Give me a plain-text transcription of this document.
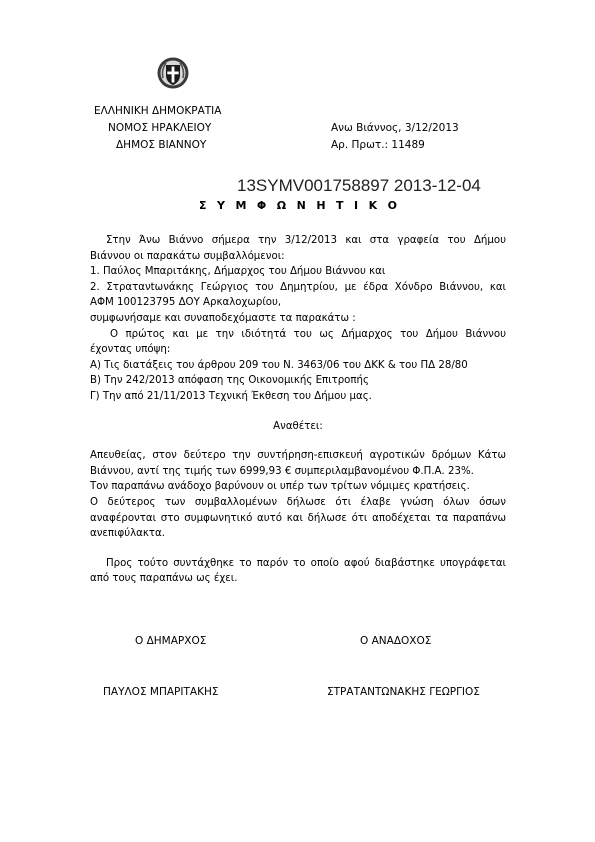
ΕΛΛΗΝΙΚΗ ΔΗΜΟΚΡΑΤΙΑ
ΝΟΜΟΣ ΗΡΑΚΛΕΙΟΥ
ΔΗΜΟΣ ΒΙΑΝΝΟΥ
Ανω Βιάννος, 3/12/2013
Αρ. Πρωτ.: 11489
13SYMV001758897 2013-12-04
ΣΥΜΦΩΝΗΤΙΚΟ
Στην Άνω Βιάννο σήμερα την 3/12/2013 και στα γραφεία του Δήμου
Βιάννου οι παρακάτω συμβαλλόμενοι:
1. Παύλος Μπαριτάκης, Δήμαρχος του Δήμου Βιάννου και
2. Στρατανtωνάκης Γεώργιος του Δημητρίου, με έδρα Χόνδρο Βιάννου, και
ΑΦΜ 100123795 ΔΟΥ Αρκαλοχωρίου,
συμφωνήσαμε και συναποδεχόμαστε τα παρακάτω :
Ο πρώτος και με την ιδιότητά του ως Δήμαρχος του Δήμου Βιάννου
έχοντας υπόψη:
Α) Τις διατάξεις του άρθρου 209 του Ν. 3463/06 του ΔΚΚ & του ΠΔ 28/80
Β) Την 242/2013 απόφαση της Οικονομικής Επιτροπής
Γ) Την από 21/11/2013 Τεχνική Έκθεση του Δήμου μας.
Αναθέτει:
Απευθείας, στον δεύτερο την συντήρηση-επισκευή αγροτικών δρόμων Κάτω
Βιάννου, αντί της τιμής των 6999,93 € συμπεριλαμβανομένου Φ.Π.Α. 23%.
Τον παραπάνω ανάδοχο βαρύνουν οι υπέρ των τρίτων νόμιμες κρατήσεις.
Ο δεύτερος των συμβαλλομένων δήλωσε ότι έλαβε γνώση όλων όσων
αναφέρονται στο συμφωνητικό αυτό και δήλωσε ότι αποδέχεται τα παραπάνω
ανεπιφύλακτα.
Προς τούτο συντάχθηκε το παρόν το οποίο αφού διαβάστηκε υπογράφεται
από τους παραπάνω ως έχει.
Ο ΔΗΜΑΡΧΟΣ	Ο ΑΝΑΔΟΧΟΣ
ΠΑΥΛΟΣ ΜΠΑΡΙΤΑΚΗΣ	ΣΤΡΑΤΑΝΤΩΝΑΚΗΣ ΓΕΩΡΓΙΟΣ
